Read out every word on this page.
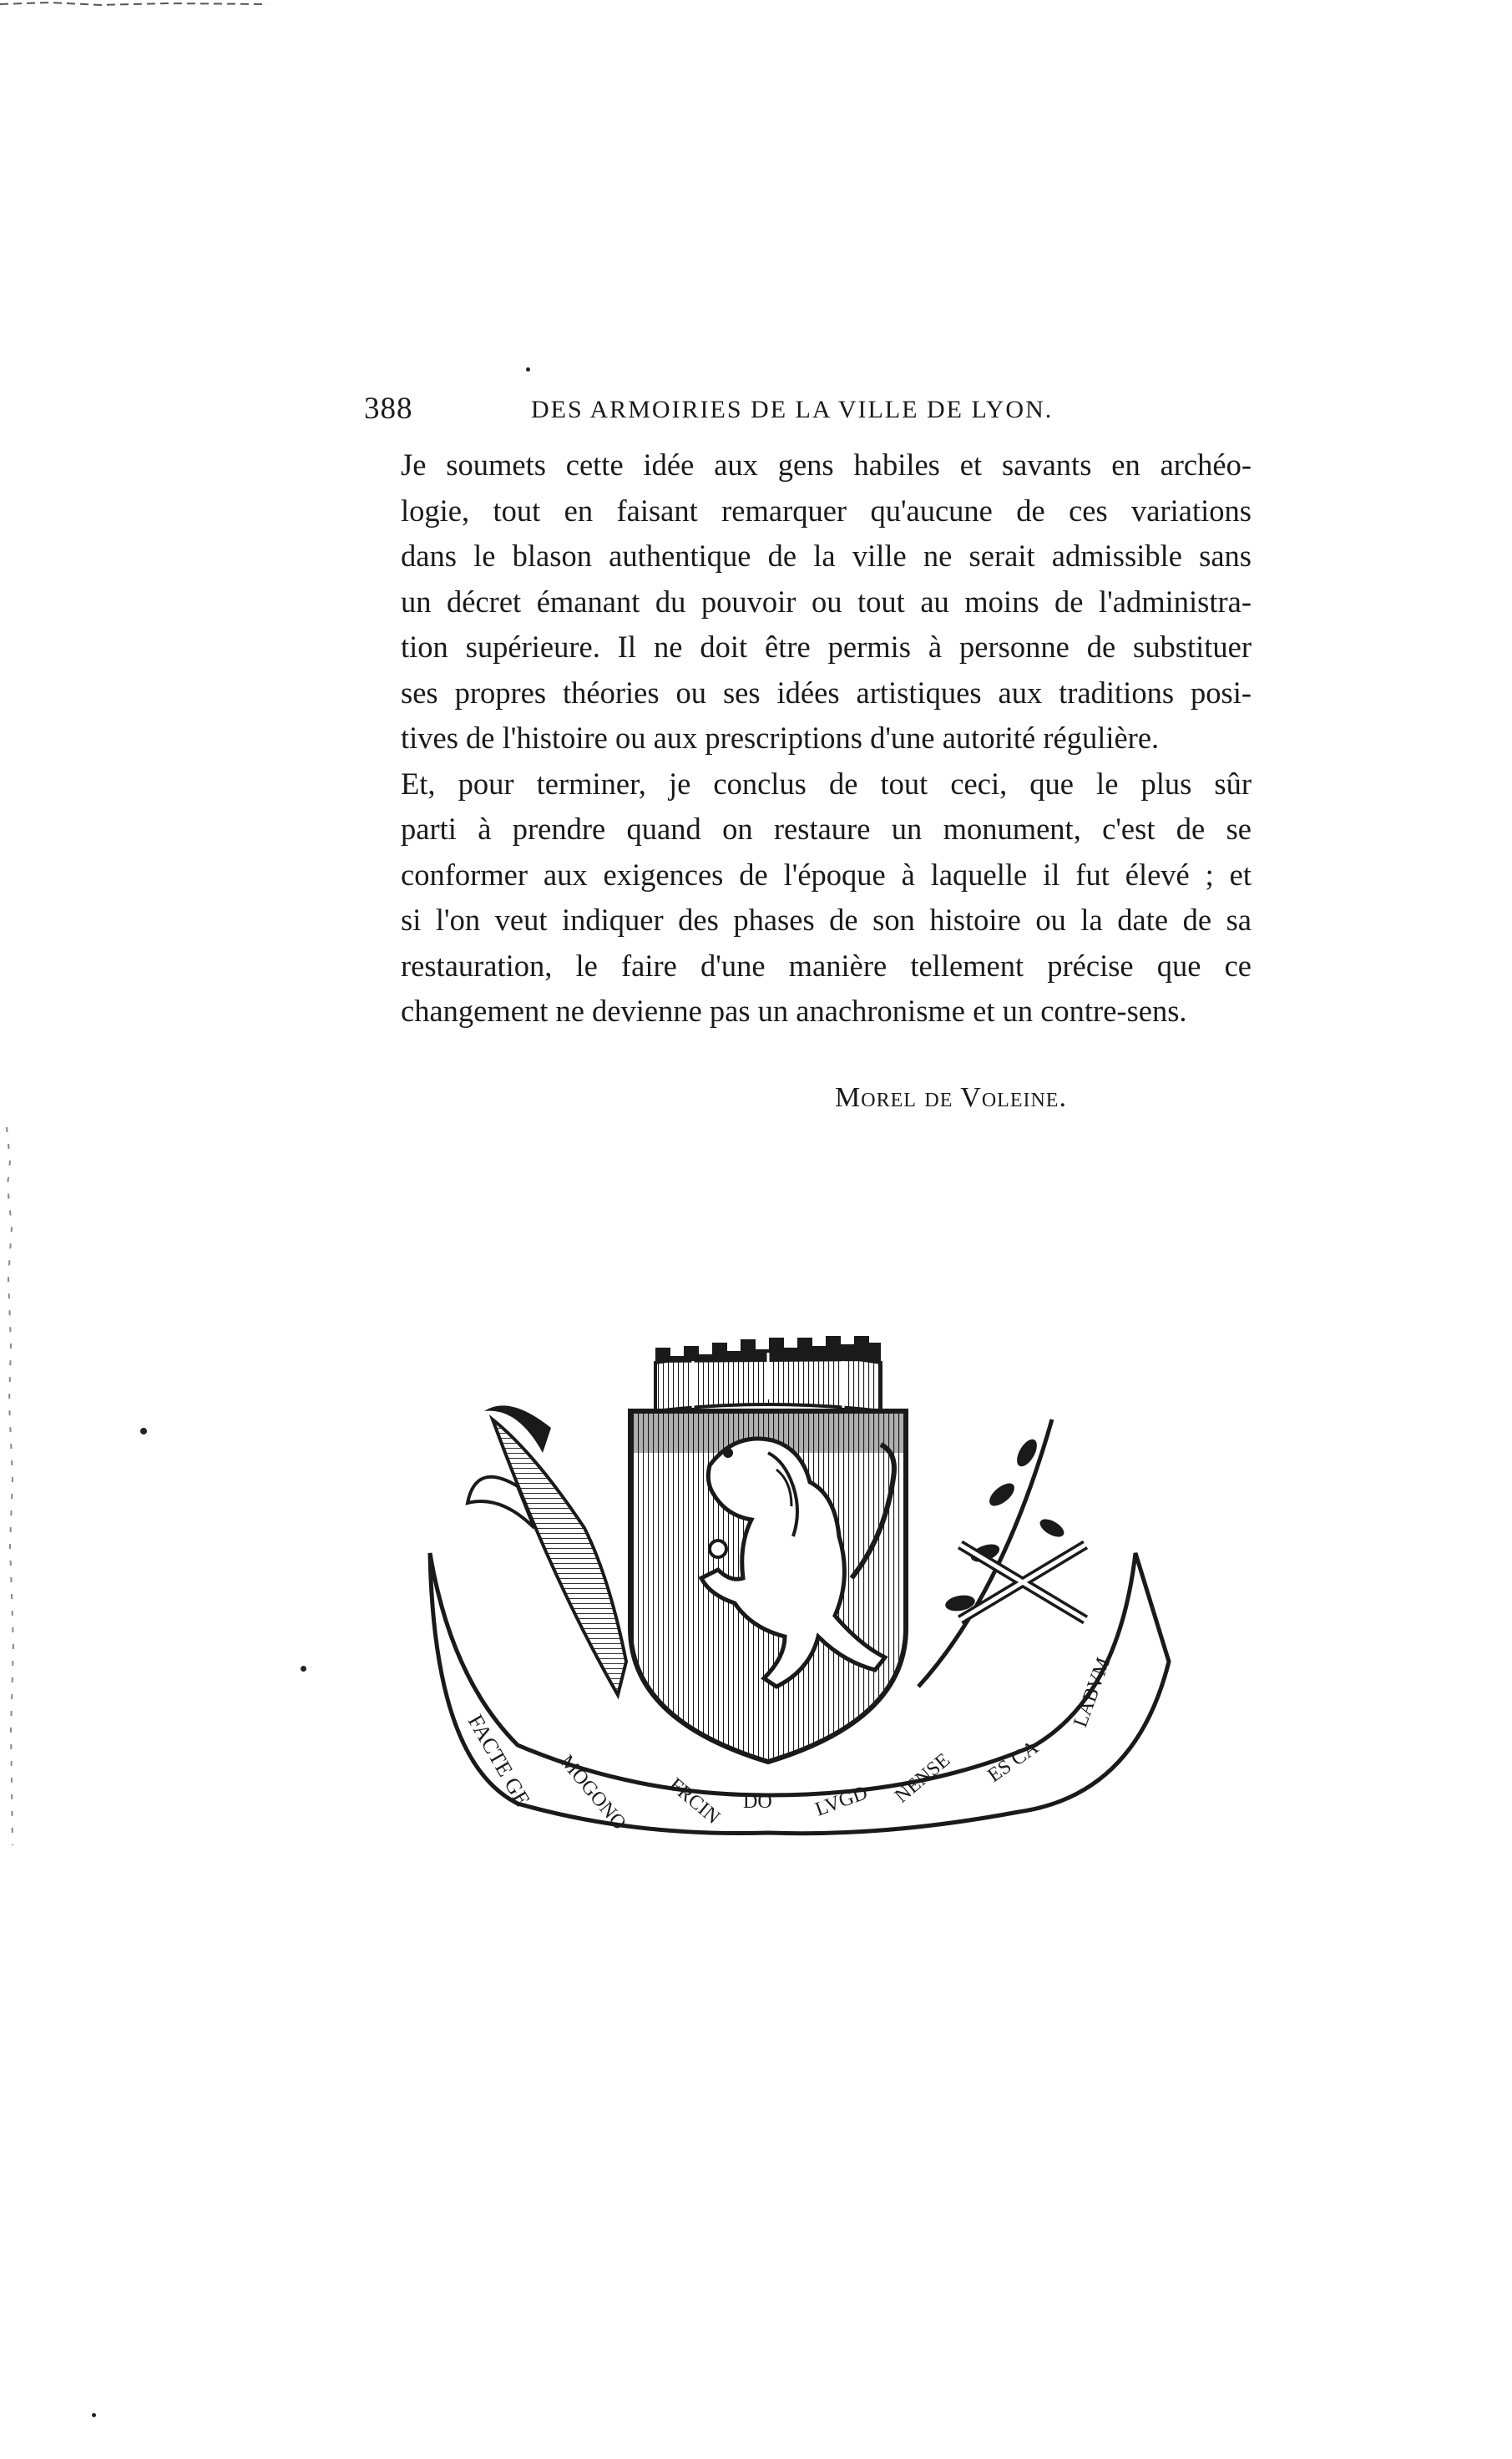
388	DES ARMOIRIES DE LA VILLE DE LYON.

Je soumets cette idée aux gens habiles et savants en archéo-
logie, tout en faisant remarquer qu'aucune de ces variations
dans le blason authentique de la ville ne serait admissible sans
un décret émanant du pouvoir ou tout au moins de l'administra-
tion supérieure. Il ne doit être permis à personne de substituer
ses propres théories ou ses idées artistiques aux traditions posi-
tives de l'histoire ou aux prescriptions d'une autorité régulière.

Et, pour terminer, je conclus de tout ceci, que le plus sûr
parti à prendre quand on restaure un monument, c'est de se
conformer aux exigences de l'époque à laquelle il fut élevé ; et
si l'on veut indiquer des phases de son histoire ou la date de sa
restauration, le faire d'une manière tellement précise que ce
changement ne devienne pas un anachronisme et un contre-sens.

Morel de Voleine.
FACTE GE MOGONO FRCIN DO LVGD NENSE ES CA
LABVM
